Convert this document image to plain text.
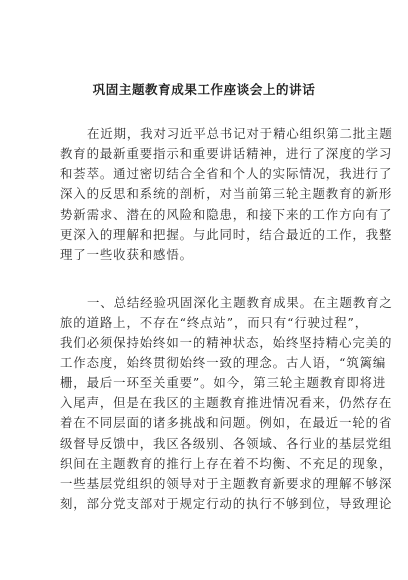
巩固主题教育成果工作座谈会上的讲话
在近期，我对习近平总书记对于精心组织第二批主题
教育的最新重要指示和重要讲话精神，进行了深度的学习
和荟萃。通过密切结合全省和个人的实际情况，我进行了
深入的反思和系统的剖析，对当前第三轮主题教育的新形
势新需求、潜在的风险和隐患，和接下来的工作方向有了
更深入的理解和把握。与此同时，结合最近的工作，我整
理了一些收获和感悟。
一、总结经验巩固深化主题教育成果。在主题教育之
旅的道路上，不存在“终点站”，而只有“行驶过程”，
我们必须保持始终如一的精神状态，始终坚持精心完美的
工作态度，始终贯彻始终一致的理念。古人语，“筑篱编
栅，最后一环至关重要”。如今，第三轮主题教育即将进
入尾声，但是在我区的主题教育推进情况看来，仍然存在
着在不同层面的诸多挑战和问题。例如，在最近一轮的省
级督导反馈中，我区各级别、各领域、各行业的基层党组
织间在主题教育的推行上存在着不均衡、不充足的现象，
一些基层党组织的领导对于主题教育新要求的理解不够深
刻，部分党支部对于规定行动的执行不够到位，导致理论
